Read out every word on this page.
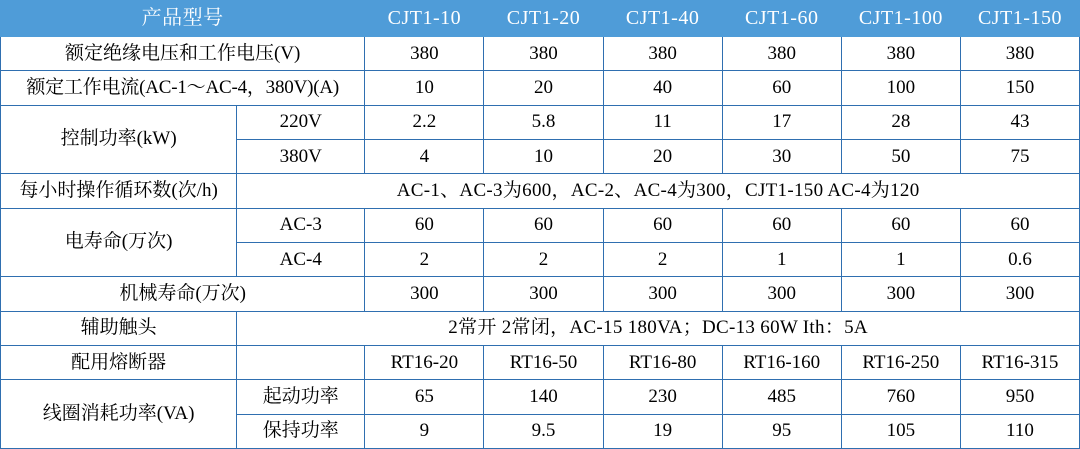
产品型号		CJT1-10	CJT1-20	CJT1-40	CJT1-60	CJT1-100	CJT1-150
额定绝缘电压和工作电压(V)		380	380	380	380	380	380
额定工作电流(AC-1～AC-4，380V)(A)		10	20	40	60	100	150
控制功率(kW)	220V	2.2	5.8	11	17	28	43
	380V	4	10	20	30	50	75
每小时操作循环数(次/h)	AC-1、AC-3为600，AC-2、AC-4为300，CJT1-150 AC-4为120						
电寿命(万次)	AC-3	60	60	60	60	60	60
	AC-4	2	2	2	1	1	0.6
机械寿命(万次)		300	300	300	300	300	300
辅助触头	2常开 2常闭，AC-15 180VA；DC-13 60W Ith：5A						
配用熔断器		RT16-20	RT16-50	RT16-80	RT16-160	RT16-250	RT16-315
线圈消耗功率(VA)	起动功率	65	140	230	485	760	950
	保持功率	9	9.5	19	95	105	110
